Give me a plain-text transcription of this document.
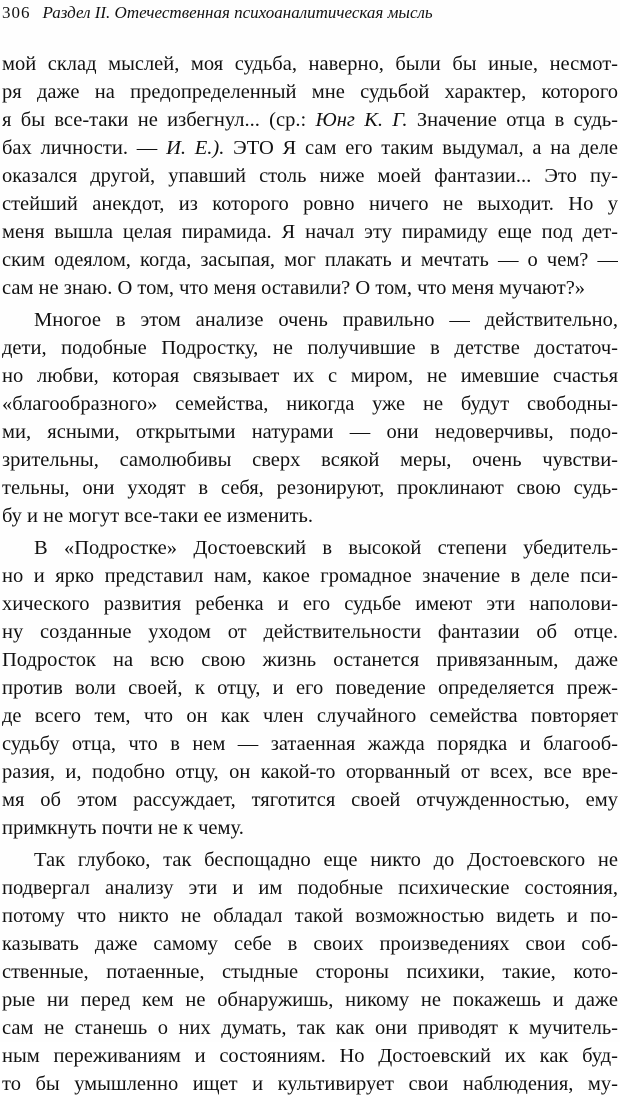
306 Раздел II. Отечественная психоаналитическая мысль
мой склад мыслей, моя судьба, наверно, были бы иные, несмот-
ря даже на предопределенный мне судьбой характер, которого
я бы все-таки не избегнул... (ср.: Юнг К. Г. Значение отца в судь-
бах личности. — И. Е.). ЭТО Я сам его таким выдумал, а на деле
оказался другой, упавший столь ниже моей фантазии... Это пу-
стейший анекдот, из которого ровно ничего не выходит. Но у
меня вышла целая пирамида. Я начал эту пирамиду еще под дет-
ским одеялом, когда, засыпая, мог плакать и мечтать — о чем? —
сам не знаю. О том, что меня оставили? О том, что меня мучают?»
Многое в этом анализе очень правильно — действительно,
дети, подобные Подростку, не получившие в детстве достаточ-
но любви, которая связывает их с миром, не имевшие счастья
«благообразного» семейства, никогда уже не будут свободны-
ми, ясными, открытыми натурами — они недоверчивы, подо-
зрительны, самолюбивы сверх всякой меры, очень чувстви-
тельны, они уходят в себя, резонируют, проклинают свою судь-
бу и не могут все-таки ее изменить.
В «Подростке» Достоевский в высокой степени убедитель-
но и ярко представил нам, какое громадное значение в деле пси-
хического развития ребенка и его судьбе имеют эти наполови-
ну созданные уходом от действительности фантазии об отце.
Подросток на всю свою жизнь останется привязанным, даже
против воли своей, к отцу, и его поведение определяется преж-
де всего тем, что он как член случайного семейства повторяет
судьбу отца, что в нем — затаенная жажда порядка и благооб-
разия, и, подобно отцу, он какой-то оторванный от всех, все вре-
мя об этом рассуждает, тяготится своей отчужденностью, ему
примкнуть почти не к чему.
Так глубоко, так беспощадно еще никто до Достоевского не
подвергал анализу эти и им подобные психические состояния,
потому что никто не обладал такой возможностью видеть и по-
казывать даже самому себе в своих произведениях свои соб-
ственные, потаенные, стыдные стороны психики, такие, кото-
рые ни перед кем не обнаружишь, никому не покажешь и даже
сам не станешь о них думать, так как они приводят к мучитель-
ным переживаниям и состояниям. Но Достоевский их как буд-
то бы умышленно ищет и культивирует свои наблюдения, му-
